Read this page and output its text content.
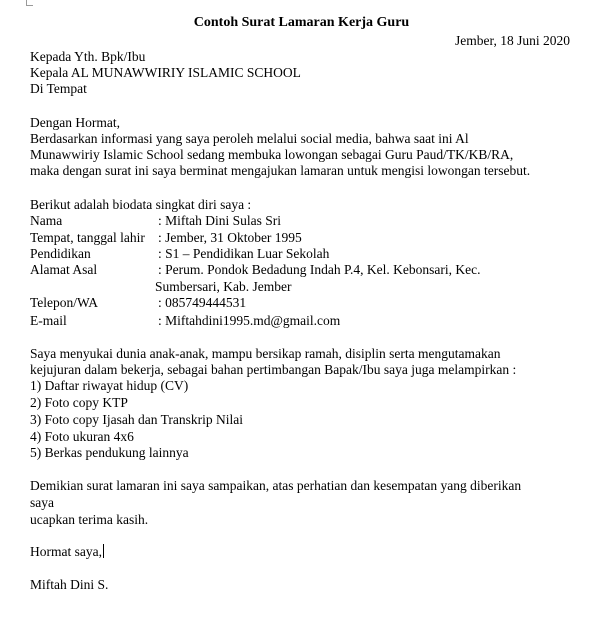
Contoh Surat Lamaran Kerja Guru
Jember, 18 Juni 2020
Kepada Yth. Bpk/Ibu
Kepala AL MUNAWWIRIY ISLAMIC SCHOOL
Di Tempat
Dengan Hormat,
Berdasarkan informasi yang saya peroleh melalui social media, bahwa saat ini Al
Munawwiriy Islamic School sedang membuka lowongan sebagai Guru Paud/TK/KB/RA,
maka dengan surat ini saya berminat mengajukan lamaran untuk mengisi lowongan tersebut.
Berikut adalah biodata singkat diri saya :
Nama	: Miftah Dini Sulas Sri
Tempat, tanggal lahir : Jember, 31 Oktober 1995
Pendidikan	: S1 – Pendidikan Luar Sekolah
Alamat Asal	: Perum. Pondok Bedadung Indah P.4, Kel. Kebonsari, Kec.
Sumbersari, Kab. Jember
Telepon/WA	: 085749444531
E-mail	: Miftahdini1995.md@gmail.com
Saya menyukai dunia anak-anak, mampu bersikap ramah, disiplin serta mengutamakan
kejujuran dalam bekerja, sebagai bahan pertimbangan Bapak/Ibu saya juga melampirkan :
1) Daftar riwayat hidup (CV)
2) Foto copy KTP
3) Foto copy Ijasah dan Transkrip Nilai
4) Foto ukuran 4x6
5) Berkas pendukung lainnya
Demikian surat lamaran ini saya sampaikan, atas perhatian dan kesempatan yang diberikan
saya
ucapkan terima kasih.
Hormat saya,
Miftah Dini S.
